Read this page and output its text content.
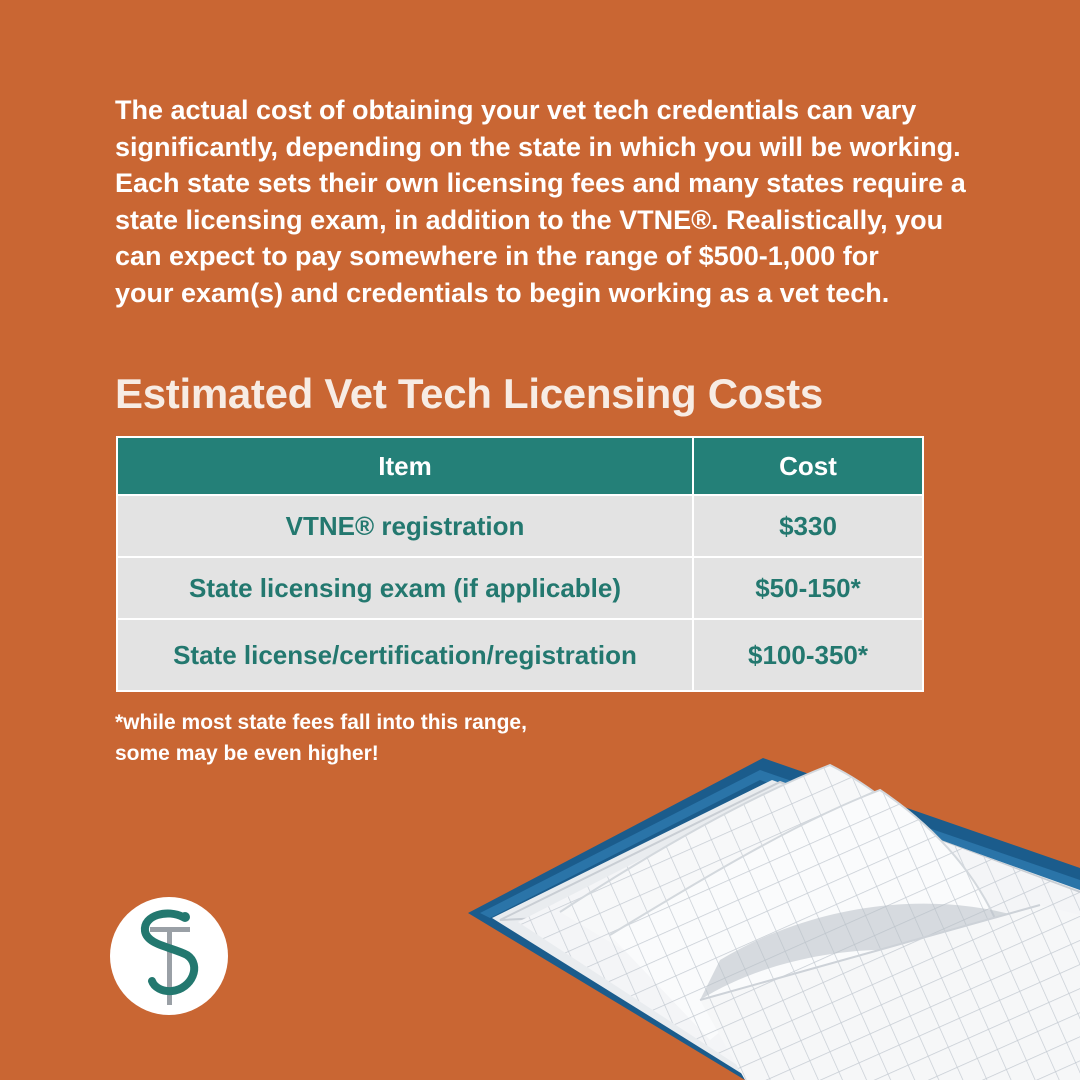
The actual cost of obtaining your vet tech credentials can vary
significantly, depending on the state in which you will be working.
Each state sets their own licensing fees and many states require a
state licensing exam, in addition to the VTNE®. Realistically, you
can expect to pay somewhere in the range of $500-1,000 for
your exam(s) and credentials to begin working as a vet tech.

Estimated Vet Tech Licensing Costs
Item	Cost
VTNE® registration	$330
State licensing exam (if applicable)	$50-150*
State license/certification/registration	$100-350*

*while most state fees fall into this range,
some may be even higher!
